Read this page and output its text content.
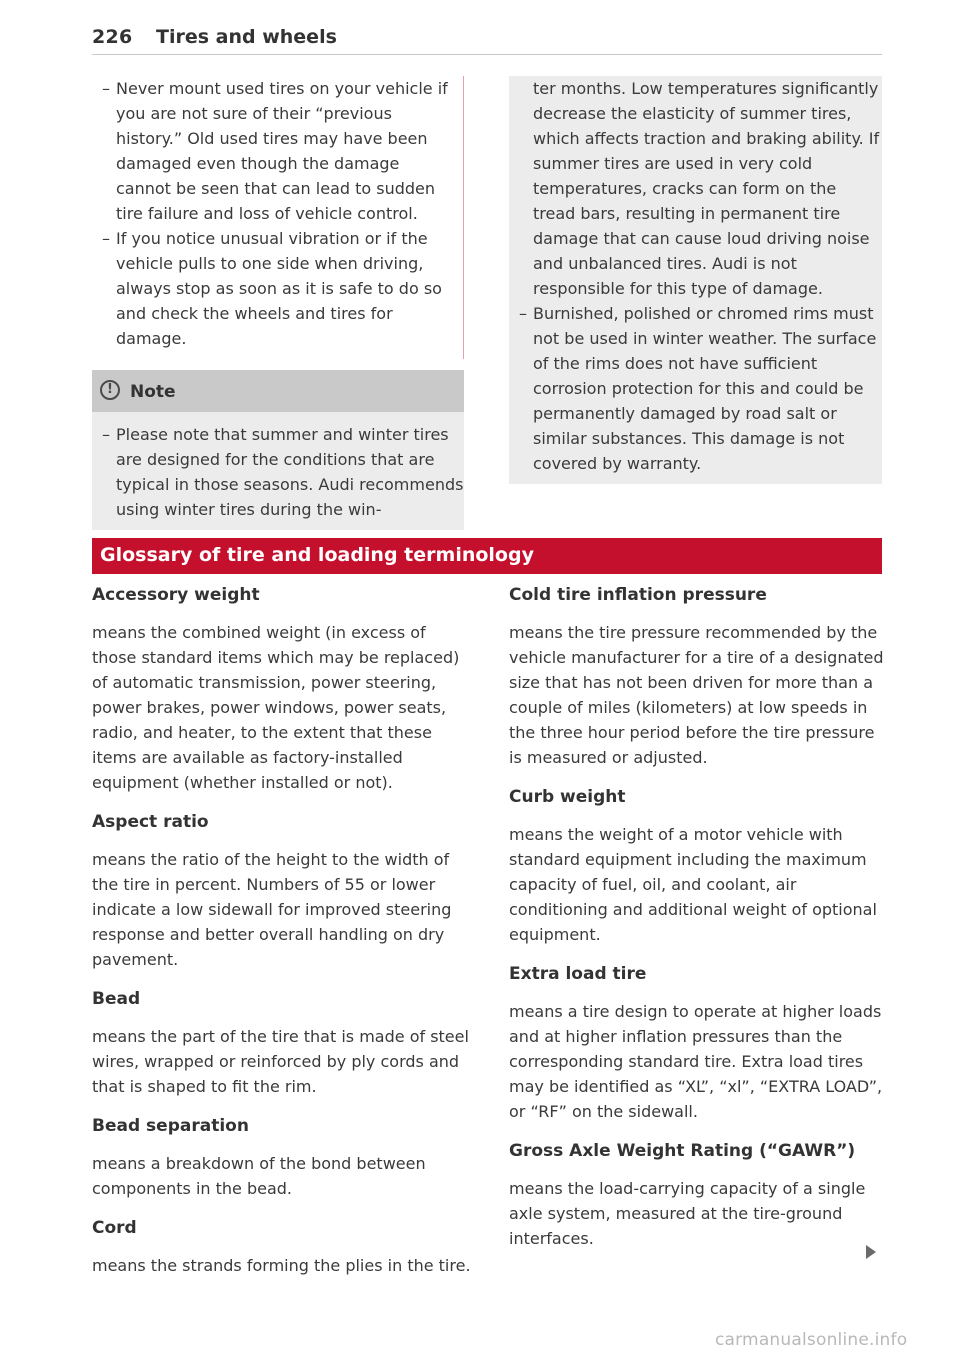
226 Tires and wheels
– Never mount used tires on your vehicle if you are not sure of their “previous history.” Old used tires may have been damaged even though the damage cannot be seen that can lead to sudden tire failure and loss of vehicle control.
– If you notice unusual vibration or if the vehicle pulls to one side when driving, always stop as soon as it is safe to do so and check the wheels and tires for damage.
!	Note
– Please note that summer and winter tires are designed for the conditions that are typical in those seasons. Audi recommends using winter tires during the win-

ter months. Low temperatures significantly decrease the elasticity of summer tires, which affects traction and braking ability. If summer tires are used in very cold temperatures, cracks can form on the tread bars, resulting in permanent tire damage that can cause loud driving noise and unbalanced tires. Audi is not responsible for this type of damage.

– Burnished, polished or chromed rims must not be used in winter weather. The surface of the rims does not have sufficient corrosion protection for this and could be permanently damaged by road salt or similar substances. This damage is not covered by warranty.
Glossary of tire and loading terminology

Accessory weight

means the combined weight (in excess of those standard items which may be replaced) of automatic transmission, power steering, power brakes, power windows, power seats, radio, and heater, to the extent that these items are available as factory-installed equipment (whether installed or not).

Aspect ratio

means the ratio of the height to the width of the tire in percent. Numbers of 55 or lower indicate a low sidewall for improved steering response and better overall handling on dry pavement.

Bead

means the part of the tire that is made of steel wires, wrapped or reinforced by ply cords and that is shaped to fit the rim.

Bead separation

means a breakdown of the bond between components in the bead.

Cord

means the strands forming the plies in the tire.

Cold tire inflation pressure

means the tire pressure recommended by the vehicle manufacturer for a tire of a designated size that has not been driven for more than a couple of miles (kilometers) at low speeds in the three hour period before the tire pressure is measured or adjusted.

Curb weight

means the weight of a motor vehicle with standard equipment including the maximum capacity of fuel, oil, and coolant, air conditioning and additional weight of optional equipment.

Extra load tire

means a tire design to operate at higher loads and at higher inflation pressures than the corresponding standard tire. Extra load tires may be identified as “XL”, “xl”, “EXTRA LOAD”, or “RF” on the sidewall.

Gross Axle Weight Rating (“GAWR”)

means the load-carrying capacity of a single axle system, measured at the tire-ground interfaces.

carmanualsonline.info
